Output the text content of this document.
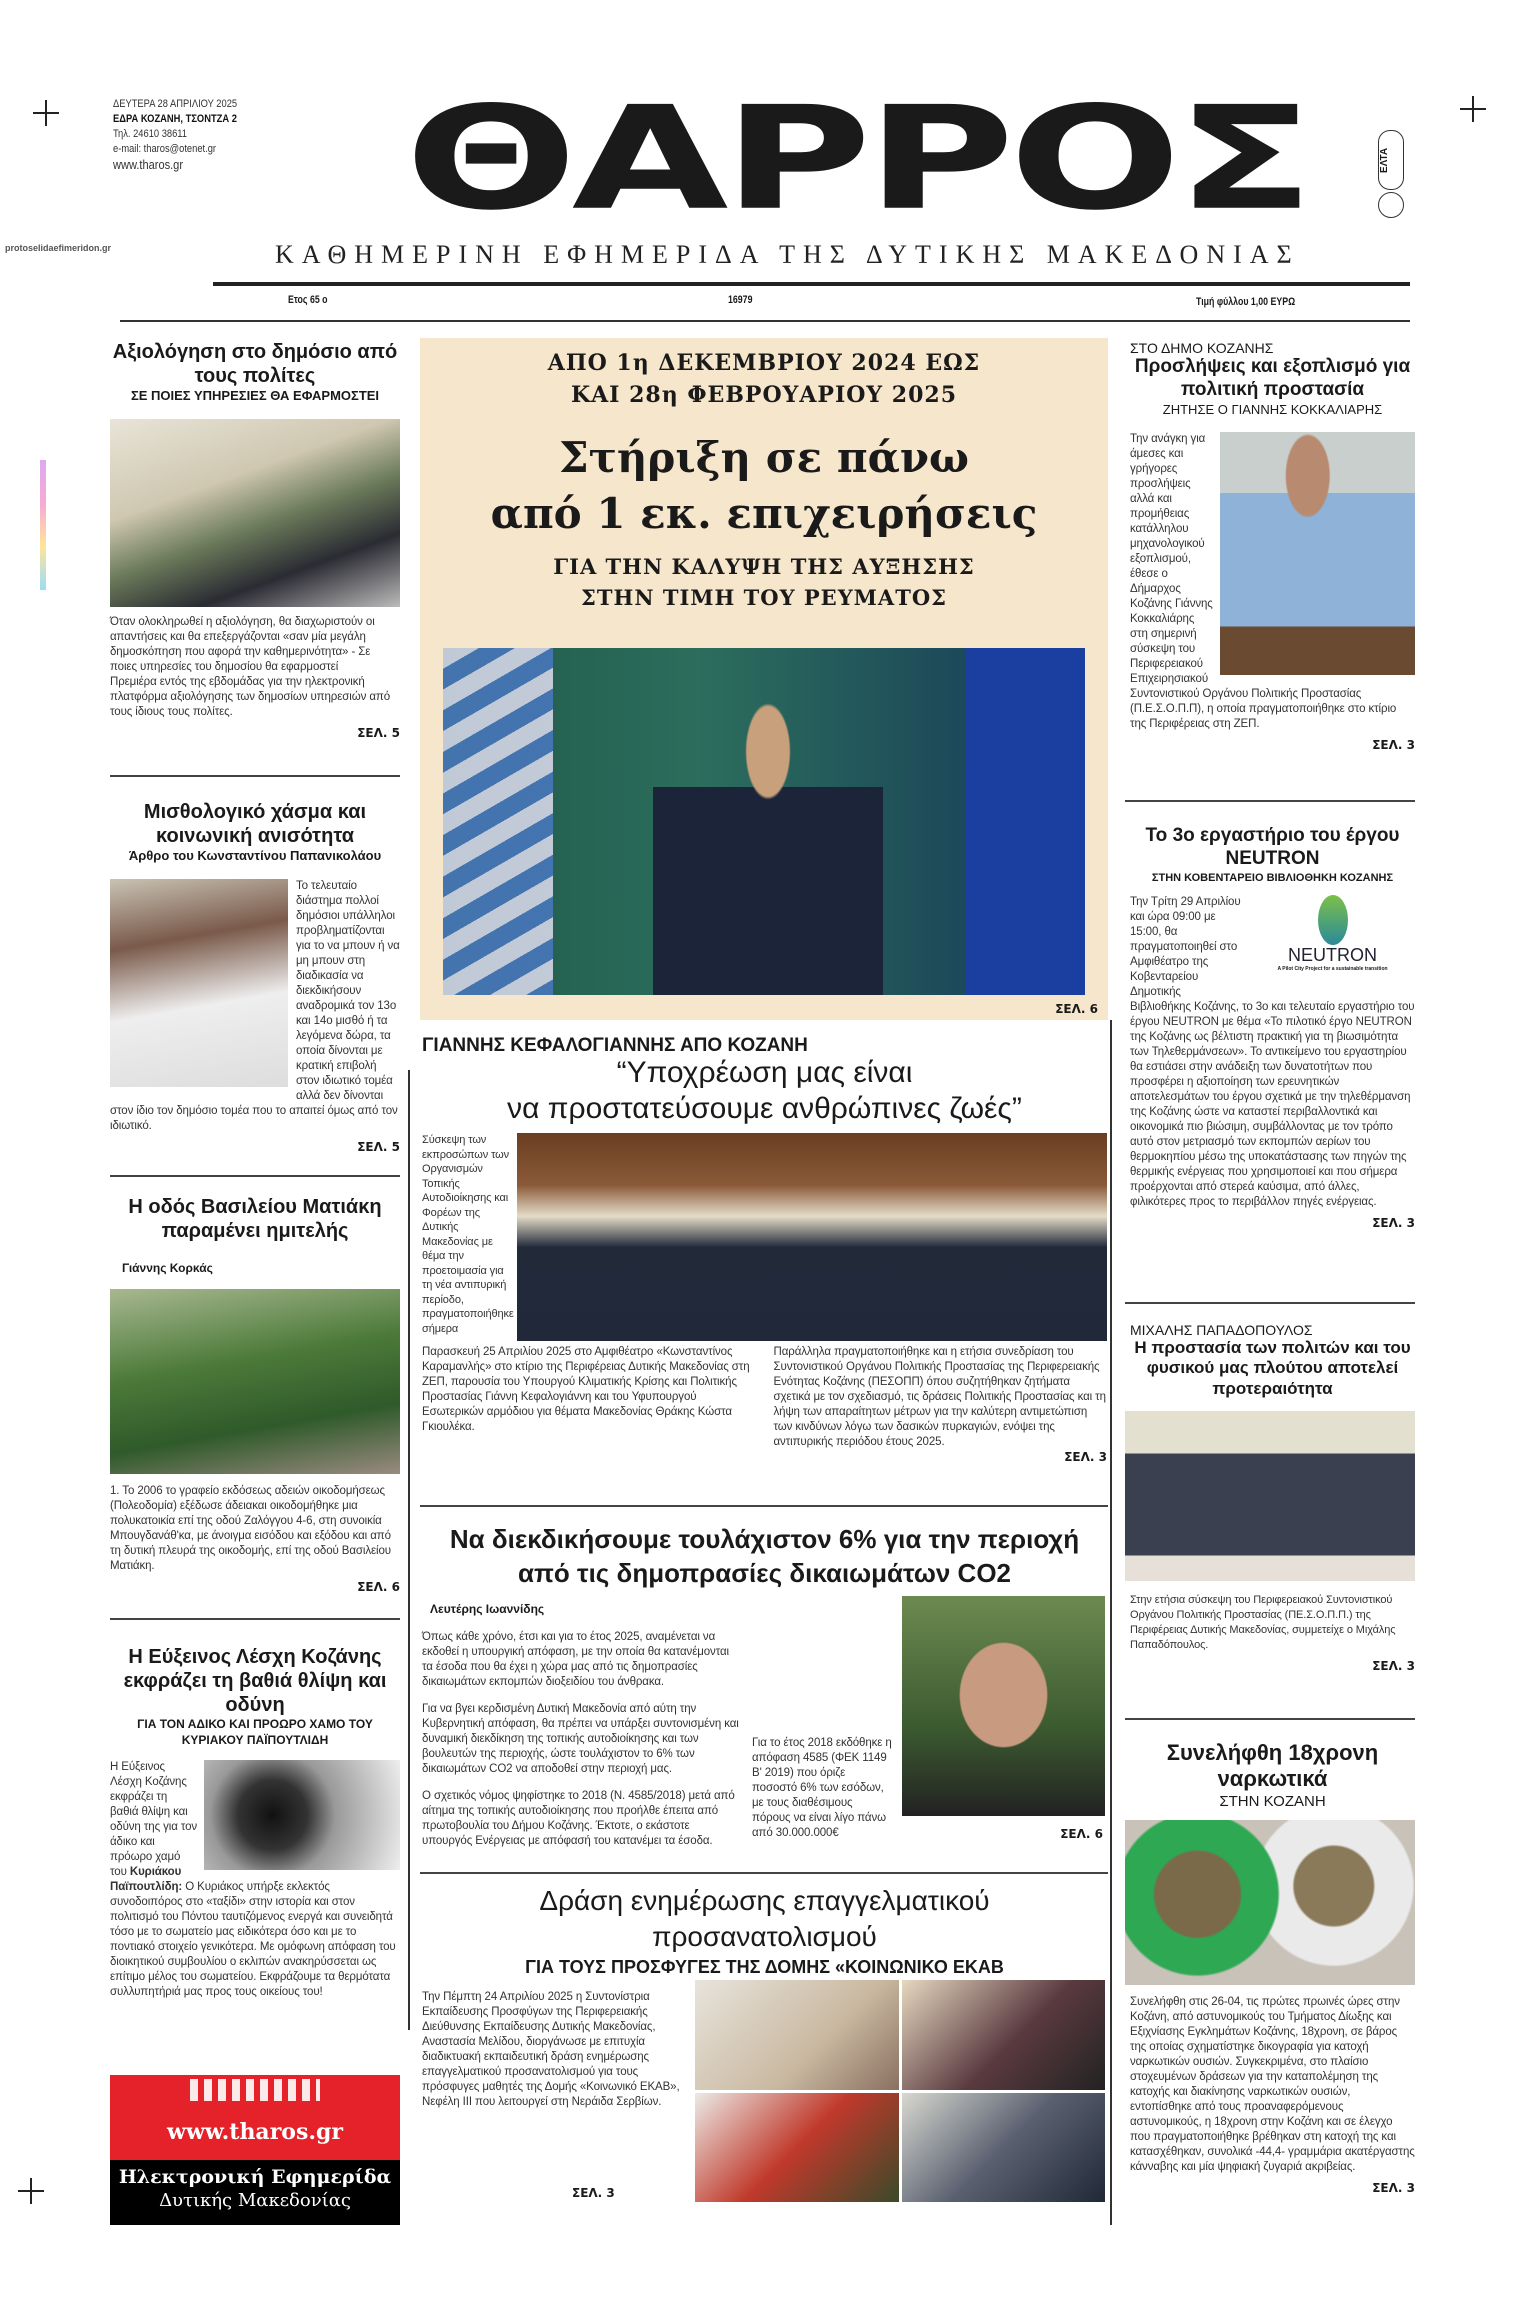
ΔΕΥΤΕΡΑ 28 ΑΠΡΙΛΙΟΥ 2025
ΕΔΡΑ ΚΟΖΑΝΗ, ΤΣΟΝΤΖΑ 2
Τηλ. 24610 38611
e-mail: tharos@otenet.gr
www.tharos.gr	ΘΑΡΡΟΣ	ΕΛΤΑ
protoselidaefimeridon.gr	ΚΑΘΗΜΕΡΙΝΗ ΕΦΗΜΕΡΙΔΑ ΤΗΣ ΔΥΤΙΚΗΣ ΜΑΚΕΔΟΝΙΑΣ
Ετος 65 ο	16979	Τιμή φύλλου 1,00 ΕΥΡΩ
Αξιολόγηση στο δημόσιο από τους πολίτες
ΣΕ ΠΟΙΕΣ ΥΠΗΡΕΣΙΕΣ ΘΑ ΕΦΑΡΜΟΣΤΕΙ
Όταν ολοκληρωθεί η αξιολόγηση, θα διαχωριστούν οι απαντήσεις και θα επεξεργάζονται «σαν μία μεγάλη δημοσκόπηση που αφορά την καθημερινότητα» - Σε ποιες υπηρεσίες του δημοσίου θα εφαρμοστεί
Πρεμιέρα εντός της εβδομάδας για την ηλεκτρονική πλατφόρμα αξιολόγησης των δημοσίων υπηρεσιών από τους ίδιους τους πολίτες.
ΣΕΛ. 5
Μισθολογικό χάσμα και κοινωνική ανισότητα
Άρθρο του Κωνσταντίνου Παπανικολάου
Το τελευταίο διάστημα πολλοί δημόσιοι υπάλληλοι προβληματίζονται για το να μπουν ή να μη μπουν στη διαδικασία να διεκδικήσουν αναδρομικά τον 13ο και 14ο μισθό ή τα λεγόμενα δώρα, τα οποία δίνονται με κρατική επιβολή στον ιδιωτικό τομέα αλλά δεν δίνονται στον ίδιο τον δημόσιο τομέα που το απαιτεί όμως από τον ιδιωτικό.
ΣΕΛ. 5
Η οδός Βασιλείου Ματιάκη παραμένει ημιτελής
Γιάννης Κορκάς
1. Το 2006 το γραφείο εκδόσεως αδειών οικοδομήσεως (Πολεοδομία) εξέδωσε άδειακαι οικοδομήθηκε μια πολυκατοικία επί της οδού Ζαλόγγου 4-6, στη συνοικία Μπουγδανάθ'κα, με άνοιγμα εισόδου και εξόδου και από τη δυτική πλευρά της οικοδομής, επί της οδού Βασιλείου Ματιάκη.
ΣΕΛ. 6
Η Εύξεινος Λέσχη Κοζάνης εκφράζει τη βαθιά θλίψη και οδύνη
ΓΙΑ ΤΟΝ ΑΔΙΚΟ ΚΑΙ ΠΡΟΩΡΟ ΧΑΜΟ ΤΟΥ ΚΥΡΙΑΚΟΥ ΠΑΪΠΟΥΤΛΙΔΗ
Η Εύξεινος Λέσχη Κοζάνης εκφράζει τη βαθιά θλίψη και οδύνη της για τον άδικο και πρόωρο χαμό του Κυριάκου Παϊπουτλίδη: Ο Κυριάκος υπήρξε εκλεκτός συνοδοιπόρος στο «ταξίδι» στην ιστορία και στον πολιτισμό του Πόντου ταυτιζόμενος ενεργά και συνειδητά τόσο με το σωματείο μας ειδικότερα όσο και με το ποντιακό στοιχείο γενικότερα. Με ομόφωνη απόφαση του διοικητικού συμβουλίου ο εκλιπών ανακηρύσσεται ως επίτιμο μέλος του σωματείου. Εκφράζουμε τα θερμότατα συλλυπητήριά μας προς τους οικείους του!
www.tharos.gr
Ηλεκτρονική Εφημερίδα
Δυτικής Μακεδονίας
ΑΠΟ 1η ΔΕΚΕΜΒΡΙΟΥ 2024 ΕΩΣ
ΚΑΙ 28η ΦΕΒΡΟΥΑΡΙΟΥ 2025
Στήριξη σε πάνω
από 1 εκ. επιχειρήσεις
ΓΙΑ ΤΗΝ ΚΑΛΥΨΗ ΤΗΣ ΑΥΞΗΣΗΣ
ΣΤΗΝ ΤΙΜΗ ΤΟΥ ΡΕΥΜΑΤΟΣ
ΣΕΛ. 6
ΓΙΑΝΝΗΣ ΚΕΦΑΛΟΓΙΑΝΝΗΣ ΑΠΟ ΚΟΖΑΝΗ
“Υποχρέωση μας είναι
να προστατεύσουμε ανθρώπινες ζωές”
Σύσκεψη των εκπροσώπων των Οργανισμών Τοπικής Αυτοδιοίκησης και Φορέων της Δυτικής Μακεδονίας με θέμα την προετοιμασία για τη νέα αντιπυρική περίοδο, πραγματοποιήθηκε σήμερα
Παρασκευή 25 Απριλίου 2025 στο Αμφιθέατρο «Κωνσταντίνος Καραμανλής» στο κτίριο της Περιφέρειας Δυτικής Μακεδονίας στη ΖΕΠ, παρουσία του Υπουργού Κλιματικής Κρίσης και Πολιτικής Προστασίας Γιάννη Κεφαλογιάννη και του Υφυπουργού Εσωτερικών αρμόδιου για θέματα Μακεδονίας Θράκης Κώστα Γκιουλέκα.
Παράλληλα πραγματοποιήθηκε και η ετήσια συνεδρίαση του Συντονιστικού Οργάνου Πολιτικής Προστασίας της Περιφερειακής Ενότητας Κοζάνης (ΠΕΣΟΠΠ) όπου συζητήθηκαν ζητήματα σχετικά με τον σχεδιασμό, τις δράσεις Πολιτικής Προστασίας και τη λήψη των απαραίτητων μέτρων για την καλύτερη αντιμετώπιση των κινδύνων λόγω των δασικών πυρκαγιών, ενόψει της αντιπυρικής περιόδου έτους 2025.
ΣΕΛ. 3
Να διεκδικήσουμε τουλάχιστον 6% για την περιοχή
από τις δημοπρασίες δικαιωμάτων CO2
Λευτέρης Ιωαννίδης
Όπως κάθε χρόνο, έτσι και για το έτος 2025, αναμένεται να εκδοθεί η υπουργική απόφαση, με την οποία θα κατανέμονται τα έσοδα που θα έχει η χώρα μας από τις δημοπρασίες δικαιωμάτων εκπομπών διοξειδίου του άνθρακα.
Για να βγει κερδισμένη Δυτική Μακεδονία από αύτη την Κυβερνητική απόφαση, θα πρέπει να υπάρξει συντονισμένη και δυναμική διεκδίκηση της τοπικής αυτοδιοίκησης και των βουλευτών της περιοχής, ώστε τουλάχιστον το 6% των δικαιωμάτων CO2 να αποδοθεί στην περιοχή μας.
Ο σχετικός νόμος ψηφίστηκε το 2018 (Ν. 4585/2018) μετά από αίτημα της τοπικής αυτοδιοίκησης που προήλθε έπειτα από πρωτοβουλία του Δήμου Κοζάνης. Έκτοτε, ο εκάστοτε υπουργός Ενέργειας με απόφασή του κατανέμει τα έσοδα.
Για το έτος 2018 εκδόθηκε η απόφαση 4585 (ΦΕΚ 1149 Β' 2019) που όριζε ποσοστό 6% των εσόδων, με τους διαθέσιμους πόρους να είναι λίγο πάνω από 30.000.000€	ΣΕΛ. 6
Δράση ενημέρωσης επαγγελματικού
προσανατολισμού
ΓΙΑ ΤΟΥΣ ΠΡΟΣΦΥΓΕΣ ΤΗΣ ΔΟΜΗΣ «ΚΟΙΝΩΝΙΚΟ ΕΚΑΒ
Την Πέμπτη 24 Απριλίου 2025 η Συντονίστρια Εκπαίδευσης Προσφύγων της Περιφερειακής Διεύθυνσης Εκπαίδευσης Δυτικής Μακεδονίας, Αναστασία Μελίδου, διοργάνωσε με επιτυχία διαδικτυακή εκπαιδευτική δράση ενημέρωσης επαγγελματικού προσανατολισμού για τους πρόσφυγες μαθητές της Δομής «Κοινωνικό ΕΚΑΒ», Νεφέλη ΙΙΙ που λειτουργεί στη Νεράιδα Σερβίων.
ΣΕΛ. 3
ΣΤΟ ΔΗΜΟ ΚΟΖΑΝΗΣ
Προσλήψεις και εξοπλισμό για πολιτική προστασία
ΖΗΤΗΣΕ Ο ΓΙΑΝΝΗΣ ΚΟΚΚΑΛΙΑΡΗΣ
Την ανάγκη για άμεσες και γρήγορες προσλήψεις αλλά και προμήθειας κατάλληλου μηχανολογικού εξοπλισμού, έθεσε ο Δήμαρχος Κοζάνης Γιάννης Κοκκαλιάρης στη σημερινή σύσκεψη του Περιφερειακού Επιχειρησιακού Συντονιστικού Οργάνου Πολιτικής Προστασίας (Π.Ε.Σ.Ο.Π.Π), η οποία πραγματοποιήθηκε στο κτίριο της Περιφέρειας στη ΖΕΠ.
ΣΕΛ. 3
Το 3ο εργαστήριο του έργου NEUTRON
ΣΤΗΝ ΚΟΒΕΝΤΑΡΕΙΟ ΒΙΒΛΙΟΘΗΚΗ ΚΟΖΑΝΗΣ
NEUTRON
A Pilot City Project for a sustainable transition
Την Τρίτη 29 Απριλίου και ώρα 09:00 με 15:00, θα πραγματοποιηθεί στο Αμφιθέατρο της Κοβενταρείου Δημοτικής Βιβλιοθήκης Κοζάνης, το 3ο και τελευταίο εργαστήριο του έργου NEUTRON με θέμα «Το πιλοτικό έργο NEUTRON της Κοζάνης ως βέλτιστη πρακτική για τη βιωσιμότητα των Τηλεθερμάνσεων». Το αντικείμενο του εργαστηρίου θα εστιάσει στην ανάδειξη των δυνατοτήτων που προσφέρει η αξιοποίηση των ερευνητικών αποτελεσμάτων του έργου σχετικά με την τηλεθέρμανση της Κοζάνης ώστε να καταστεί περιβαλλοντικά και οικονομικά πιο βιώσιμη, συμβάλλοντας με τον τρόπο αυτό στον μετριασμό των εκπομπών αερίων του θερμοκηπίου μέσω της υποκατάστασης των πηγών της θερμικής ενέργειας που χρησιμοποιεί και που σήμερα προέρχονται από στερεά καύσιμα, από άλλες, φιλικότερες προς το περιβάλλον πηγές ενέργειας.
ΣΕΛ. 3
ΜΙΧΑΛΗΣ ΠΑΠΑΔΟΠΟΥΛΟΣ
Η προστασία των πολιτών και του φυσικού μας πλούτου αποτελεί προτεραιότητα
Στην ετήσια σύσκεψη του Περιφερειακού Συντονιστικού Οργάνου Πολιτικής Προστασίας (ΠΕ.Σ.Ο.Π.Π.) της Περιφέρειας Δυτικής Μακεδονίας, συμμετείχε ο Μιχάλης Παπαδόπουλος.
ΣΕΛ. 3
Συνελήφθη 18χρονη ναρκωτικά
ΣΤΗΝ ΚΟΖΑΝΗ
Συνελήφθη στις 26-04, τις πρώτες πρωινές ώρες στην Κοζάνη, από αστυνομικούς του Τμήματος Δίωξης και Εξιχνίασης Εγκλημάτων Κοζάνης, 18χρονη, σε βάρος της οποίας σχηματίστηκε δικογραφία για κατοχή ναρκωτικών ουσιών. Συγκεκριμένα, στο πλαίσιο στοχευμένων δράσεων για την καταπολέμηση της κατοχής και διακίνησης ναρκωτικών ουσιών, εντοπίσθηκε από τους προαναφερόμενους αστυνομικούς, η 18χρονη στην Κοζάνη και σε έλεγχο που πραγματοποιήθηκε βρέθηκαν στη κατοχή της και κατασχέθηκαν, συνολικά -44,4- γραμμάρια ακατέργαστης κάνναβης και μία ψηφιακή ζυγαριά ακριβείας.
ΣΕΛ. 3
